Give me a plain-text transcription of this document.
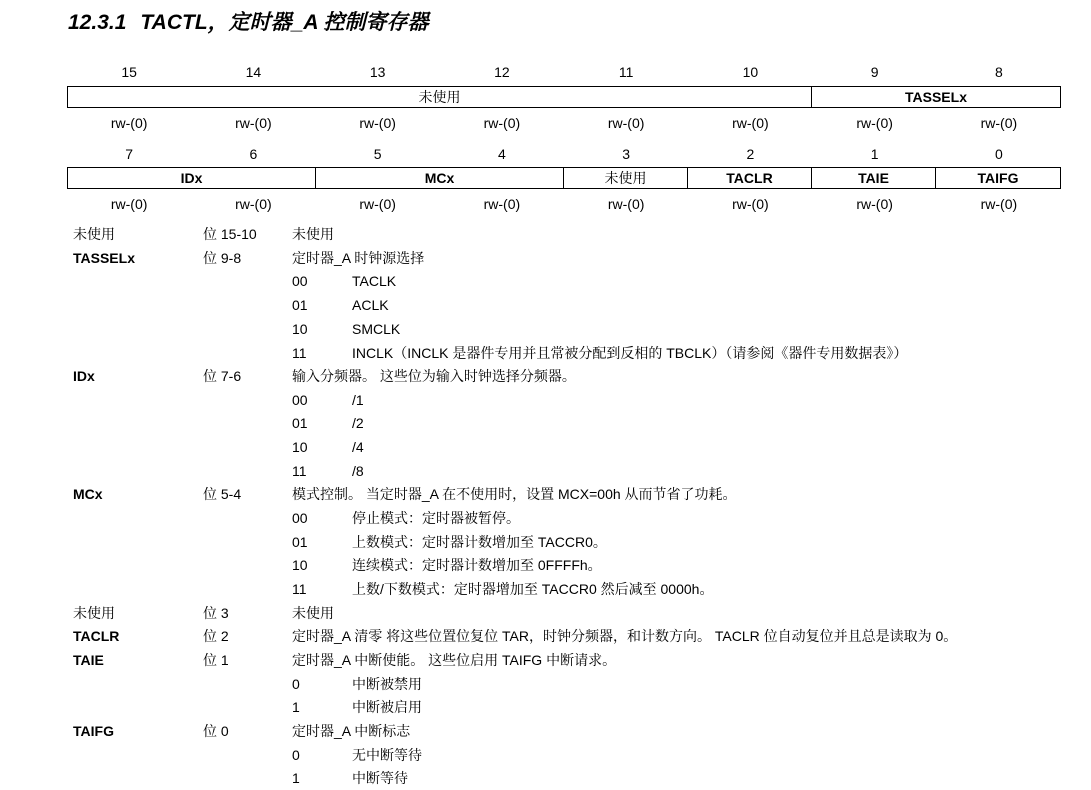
12.3.1 TACTL，定时器_A 控制寄存器
15	14	13	12	11	10	9	8
未使用	TASSELx
rw-(0)	rw-(0)	rw-(0)	rw-(0)	rw-(0)	rw-(0)	rw-(0)	rw-(0)
7	6	5	4	3	2	1	0
IDx	MCx	未使用	TACLR	TAIE	TAIFG
rw-(0)	rw-(0)	rw-(0)	rw-(0)	rw-(0)	rw-(0)	rw-(0)	rw-(0)
未使用	位 15-10	未使用
TASSELx	位 9-8	定时器_A 时钟源选择
00	TACLK
01	ACLK
10	SMCLK
11	INCLK（INCLK 是器件专用并且常被分配到反相的 TBCLK）（请参阅《器件专用数据表》）
IDx	位 7-6	输入分频器。 这些位为输入时钟选择分频器。
00	/1
01	/2
10	/4
11	/8
MCx	位 5-4	模式控制。 当定时器_A 在不使用时，设置 MCX=00h 从而节省了功耗。
00	停止模式：定时器被暂停。
01	上数模式：定时器计数增加至 TACCR0。
10	连续模式：定时器计数增加至 0FFFFh。
11	上数/下数模式：定时器增加至 TACCR0 然后减至 0000h。
未使用	位 3	未使用
TACLR	位 2	定时器_A 清零 将这些位置位复位 TAR，时钟分频器，和计数方向。 TACLR 位自动复位并且总是读取为 0。
TAIE	位 1	定时器_A 中断使能。 这些位启用 TAIFG 中断请求。
0	中断被禁用
1	中断被启用
TAIFG	位 0	定时器_A 中断标志
0	无中断等待
1	中断等待
